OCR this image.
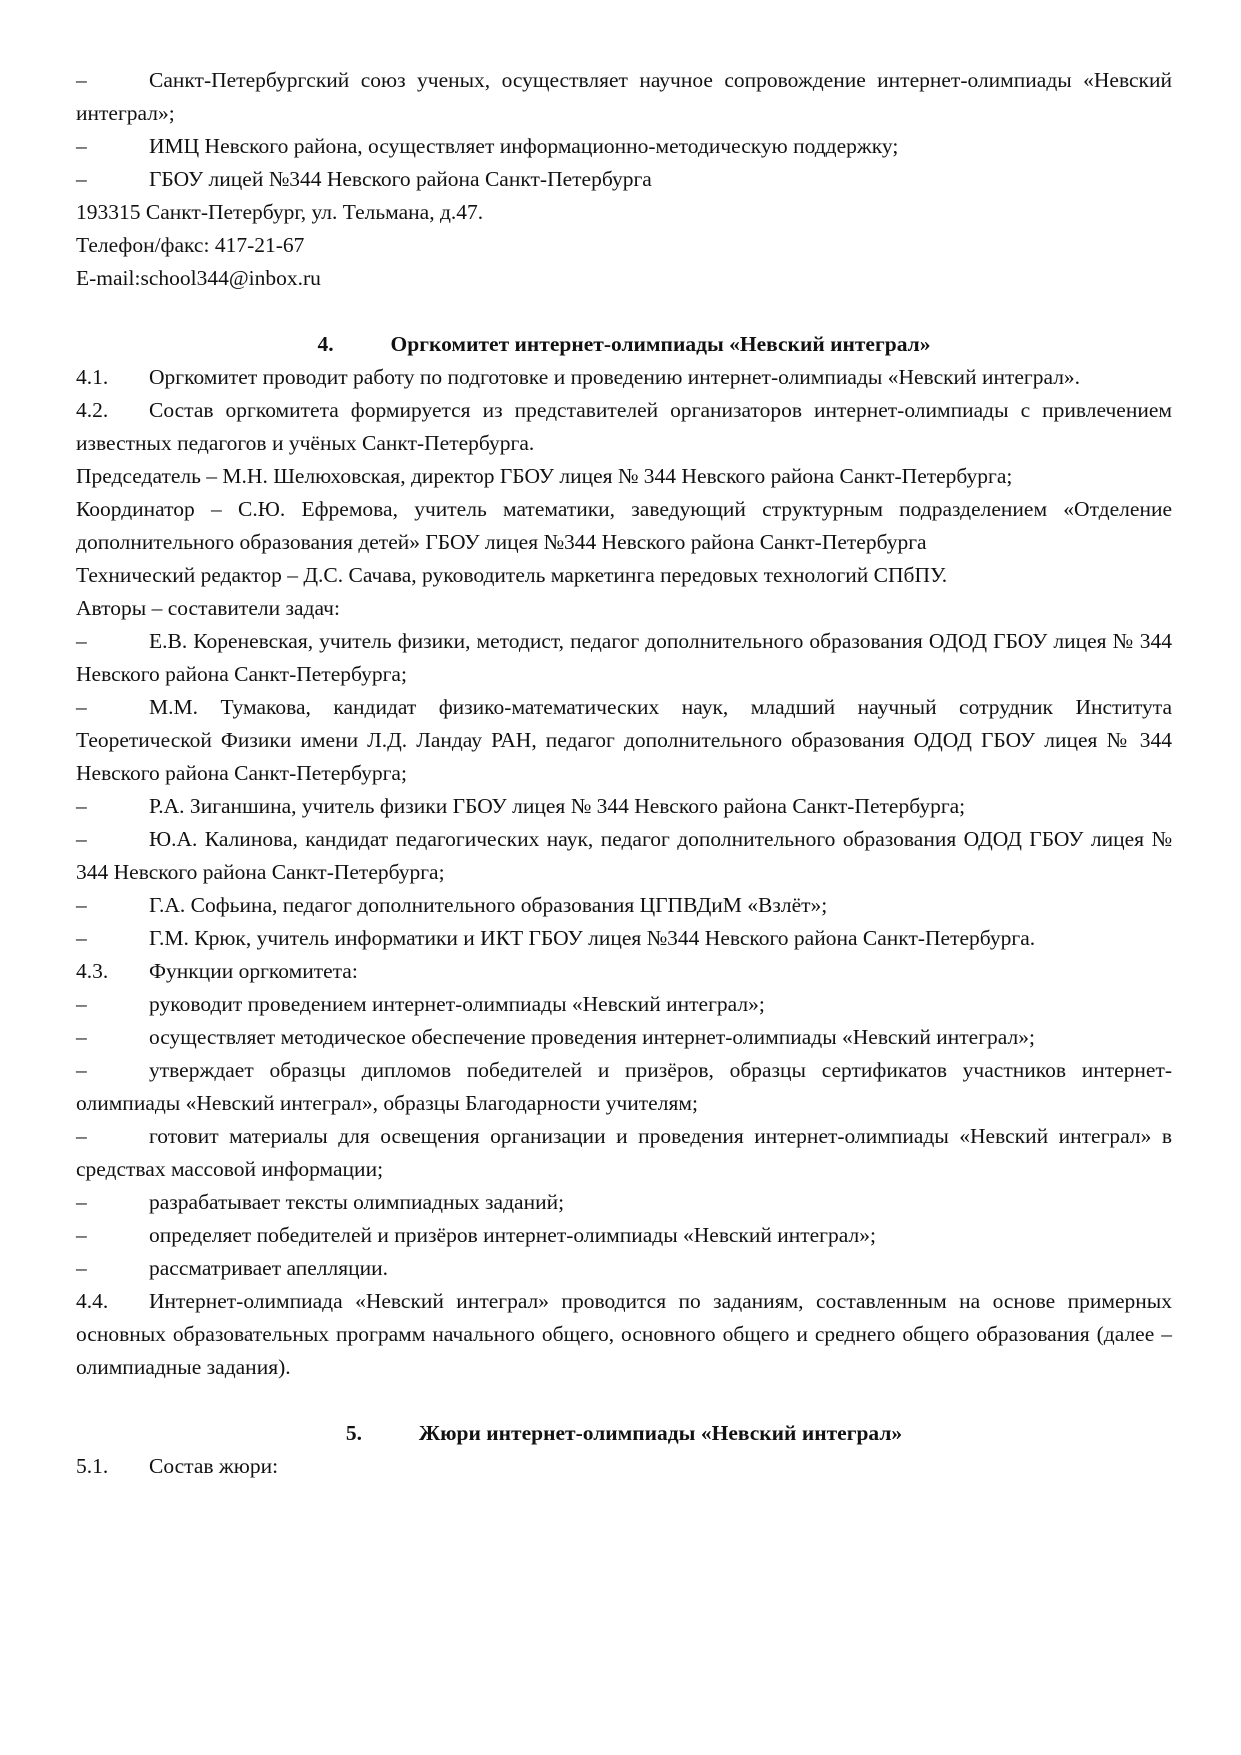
–	Санкт-Петербургский союз ученых, осуществляет научное сопровождение интернет-олимпиады «Невский интеграл»;

–	ИМЦ Невского района, осуществляет информационно-методическую поддержку;

–	ГБОУ лицей №344 Невского района Санкт-Петербурга

193315 Санкт-Петербург, ул. Тельмана, д.47.

Телефон/факс: 417-21-67

E-mail:school344@inbox.ru

4.	Оргкомитет интернет-олимпиады «Невский интеграл»

4.1. Оргкомитет проводит работу по подготовке и проведению интернет-олимпиады «Невский интеграл».

4.2. Состав оргкомитета формируется из представителей организаторов интернет-олимпиады с привлечением известных педагогов и учёных Санкт-Петербурга.

Председатель – М.Н. Шелюховская, директор ГБОУ лицея № 344 Невского района Санкт-Петербурга;

Координатор – С.Ю. Ефремова, учитель математики, заведующий структурным подразделением «Отделение дополнительного образования детей» ГБОУ лицея №344 Невского района Санкт-Петербурга

Технический редактор – Д.С. Сачава, руководитель маркетинга передовых технологий СПбПУ.

Авторы – составители задач:

–	Е.В. Кореневская, учитель физики, методист, педагог дополнительного образования ОДОД ГБОУ лицея № 344 Невского района Санкт-Петербурга;

–	М.М. Тумакова, кандидат физико-математических наук, младший научный сотрудник Института Теоретической Физики имени Л.Д. Ландау РАН, педагог дополнительного образования ОДОД ГБОУ лицея № 344 Невского района Санкт-Петербурга;

–	Р.А. Зиганшина, учитель физики ГБОУ лицея № 344 Невского района Санкт-Петербурга;

–	Ю.А. Калинова, кандидат педагогических наук, педагог дополнительного образования ОДОД ГБОУ лицея № 344 Невского района Санкт-Петербурга;

–	Г.А. Софьина, педагог дополнительного образования ЦГПВДиМ «Взлёт»;

–	Г.М. Крюк, учитель информатики и ИКТ ГБОУ лицея №344 Невского района Санкт-Петербурга.

4.3. Функции оргкомитета:

–	руководит проведением интернет-олимпиады «Невский интеграл»;

–	осуществляет методическое обеспечение проведения интернет-олимпиады «Невский интеграл»;

–	утверждает образцы дипломов победителей и призёров, образцы сертификатов участников интернет-олимпиады «Невский интеграл», образцы Благодарности учителям;

–	готовит материалы для освещения организации и проведения интернет-олимпиады «Невский интеграл» в средствах массовой информации;

–	разрабатывает тексты олимпиадных заданий;

–	определяет победителей и призёров интернет-олимпиады «Невский интеграл»;

–	рассматривает апелляции.

4.4. Интернет-олимпиада «Невский интеграл» проводится по заданиям, составленным на основе примерных основных образовательных программ начального общего, основного общего и среднего общего образования (далее – олимпиадные задания).

5.	Жюри интернет-олимпиады «Невский интеграл»

5.1. Состав жюри:
